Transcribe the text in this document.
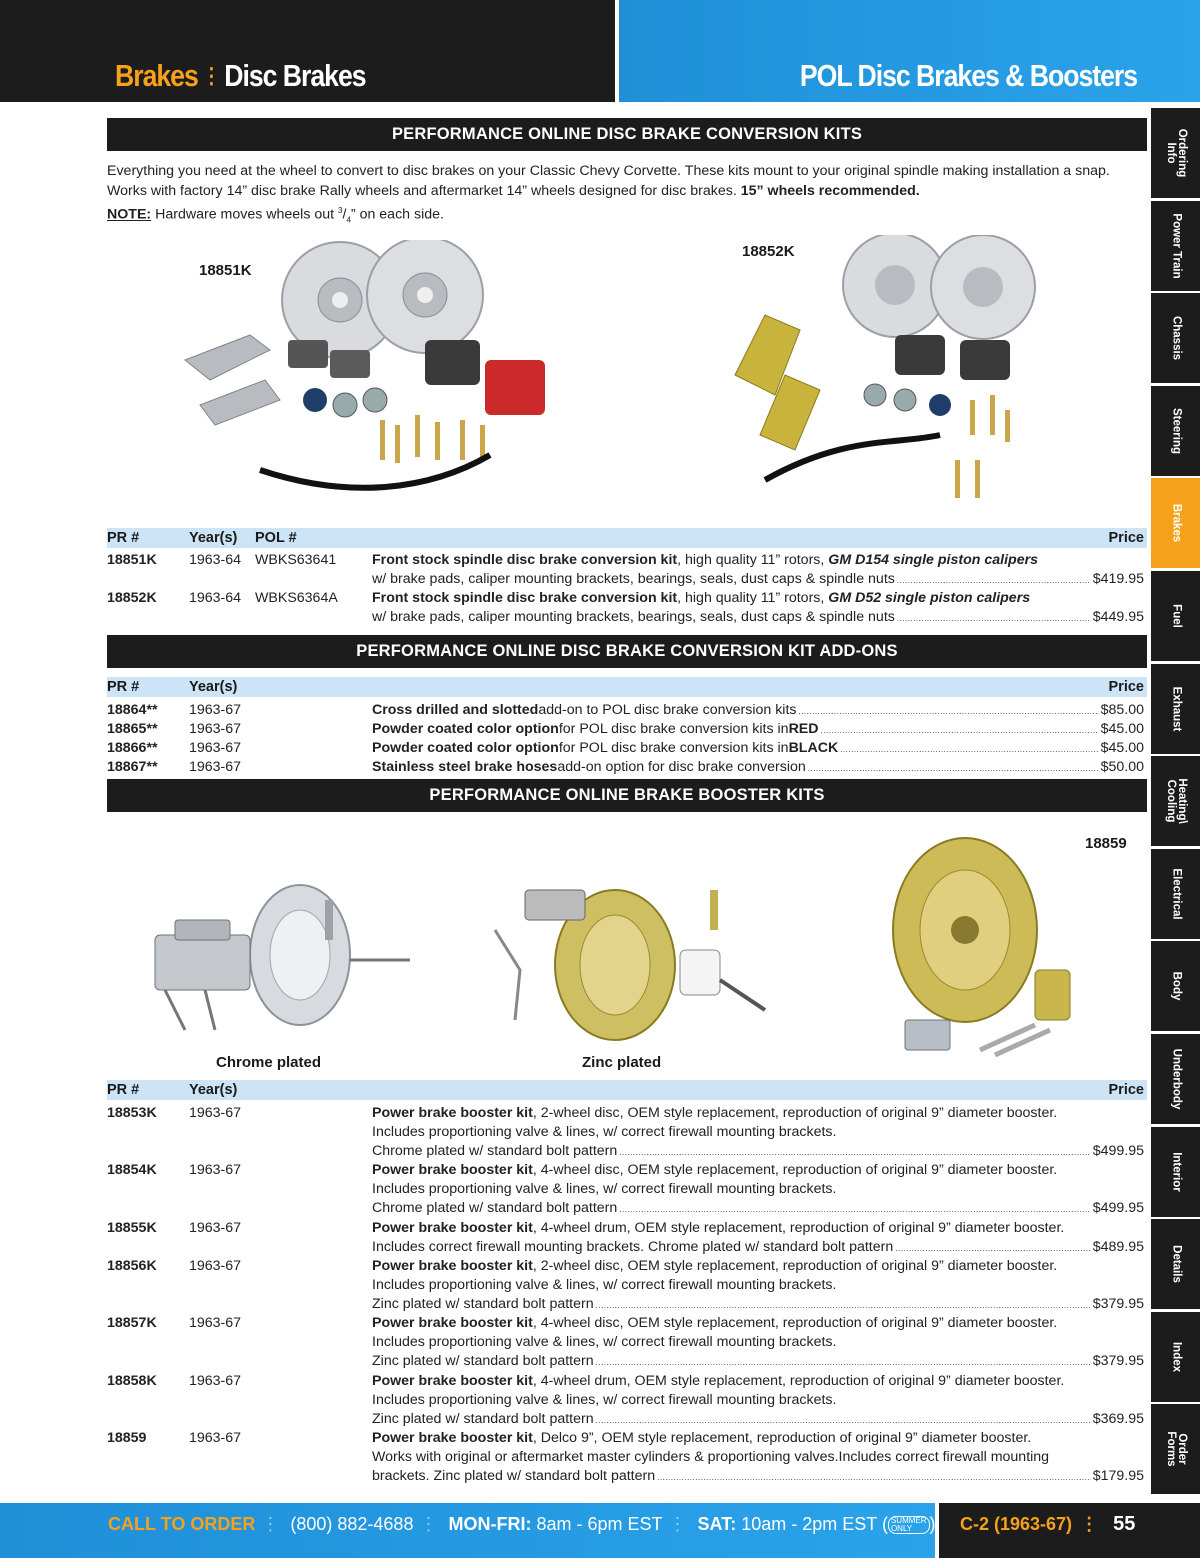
Brakes ⋮ Disc Brakes	POL Disc Brakes & Boosters
Ordering
Info
Power Train
Chassis
Steering
Brakes
Fuel
Exhaust
Heating\
Cooling
Electrical
Body
Underbody
Interior
Details
Index
Order
Forms
PERFORMANCE ONLINE DISC BRAKE CONVERSION KITS
Everything you need at the wheel to convert to disc brakes on your Classic Chevy Corvette. These kits mount to your original spindle making installation a snap.
Works with factory 14” disc brake Rally wheels and aftermarket 14” wheels designed for disc brakes. 15” wheels recommended.
NOTE: Hardware moves wheels out $^3/_4$” on each side.
18851K
18852K
PR #	Year(s) POL #	Price
18851K 1963-64 WBKS63641	Front stock spindle disc brake conversion kit, high quality 11” rotors, GM D154 single piston calipers
w/ brake pads, caliper mounting brackets, bearings, seals, dust caps & spindle nuts .....	$419.95
18852K 1963-64 WBKS6364A Front stock spindle disc brake conversion kit, high quality 11” rotors, GM D52 single piston calipers
w/ brake pads, caliper mounting brackets, bearings, seals, dust caps & spindle nuts .....	$449.95
PERFORMANCE ONLINE DISC BRAKE CONVERSION KIT ADD-ONS
PR #	Year(s)	Price
18864** 1963-67	Cross drilled and slotted add-on to POL disc brake conversion kits .....	$85.00
18865** 1963-67	Powder coated color option for POL disc brake conversion kits in RED .....	$45.00
18866** 1963-67	Powder coated color option for POL disc brake conversion kits in BLACK .....	$45.00
18867** 1963-67	Stainless steel brake hoses add-on option for disc brake conversion .....	$50.00
PERFORMANCE ONLINE BRAKE BOOSTER KITS
Chrome plated	Zinc plated
18859
PR #	Year(s)	Price
18853K 1963-67	Power brake booster kit, 2-wheel disc, OEM style replacement, reproduction of original 9” diameter booster.
Includes proportioning valve & lines, w/ correct firewall mounting brackets.
Chrome plated w/ standard bolt pattern .....	$499.95
18854K 1963-67	Power brake booster kit, 4-wheel disc, OEM style replacement, reproduction of original 9” diameter booster.
Includes proportioning valve & lines, w/ correct firewall mounting brackets.
Chrome plated w/ standard bolt pattern .....	$499.95
18855K 1963-67	Power brake booster kit, 4-wheel drum, OEM style replacement, reproduction of original 9” diameter booster.
Includes correct firewall mounting brackets. Chrome plated w/ standard bolt pattern .....	$489.95
18856K 1963-67	Power brake booster kit, 2-wheel disc, OEM style replacement, reproduction of original 9” diameter booster.
Includes proportioning valve & lines, w/ correct firewall mounting brackets.
Zinc plated w/ standard bolt pattern .....	$379.95
18857K 1963-67	Power brake booster kit, 4-wheel disc, OEM style replacement, reproduction of original 9” diameter booster.
Includes proportioning valve & lines, w/ correct firewall mounting brackets.
Zinc plated w/ standard bolt pattern .....	$379.95
18858K 1963-67	Power brake booster kit, 4-wheel drum, OEM style replacement, reproduction of original 9” diameter booster.
Includes proportioning valve & lines, w/ correct firewall mounting brackets.
Zinc plated w/ standard bolt pattern .....	$369.95
18859	1963-67	Power brake booster kit, Delco 9”, OEM style replacement, reproduction of original 9” diameter booster.
Works with original or aftermarket master cylinders & proportioning valves.Includes correct firewall mounting
brackets. Zinc plated w/ standard bolt pattern .....	$179.95
CALL TO ORDER ⋮ (800) 882-4688 ⋮ MON-FRI: 8am - 6pm EST ⋮ SAT: 10am - 2pm EST ( SUMMER
ONLY ) C-2 (1963-67) ⋮ 55
